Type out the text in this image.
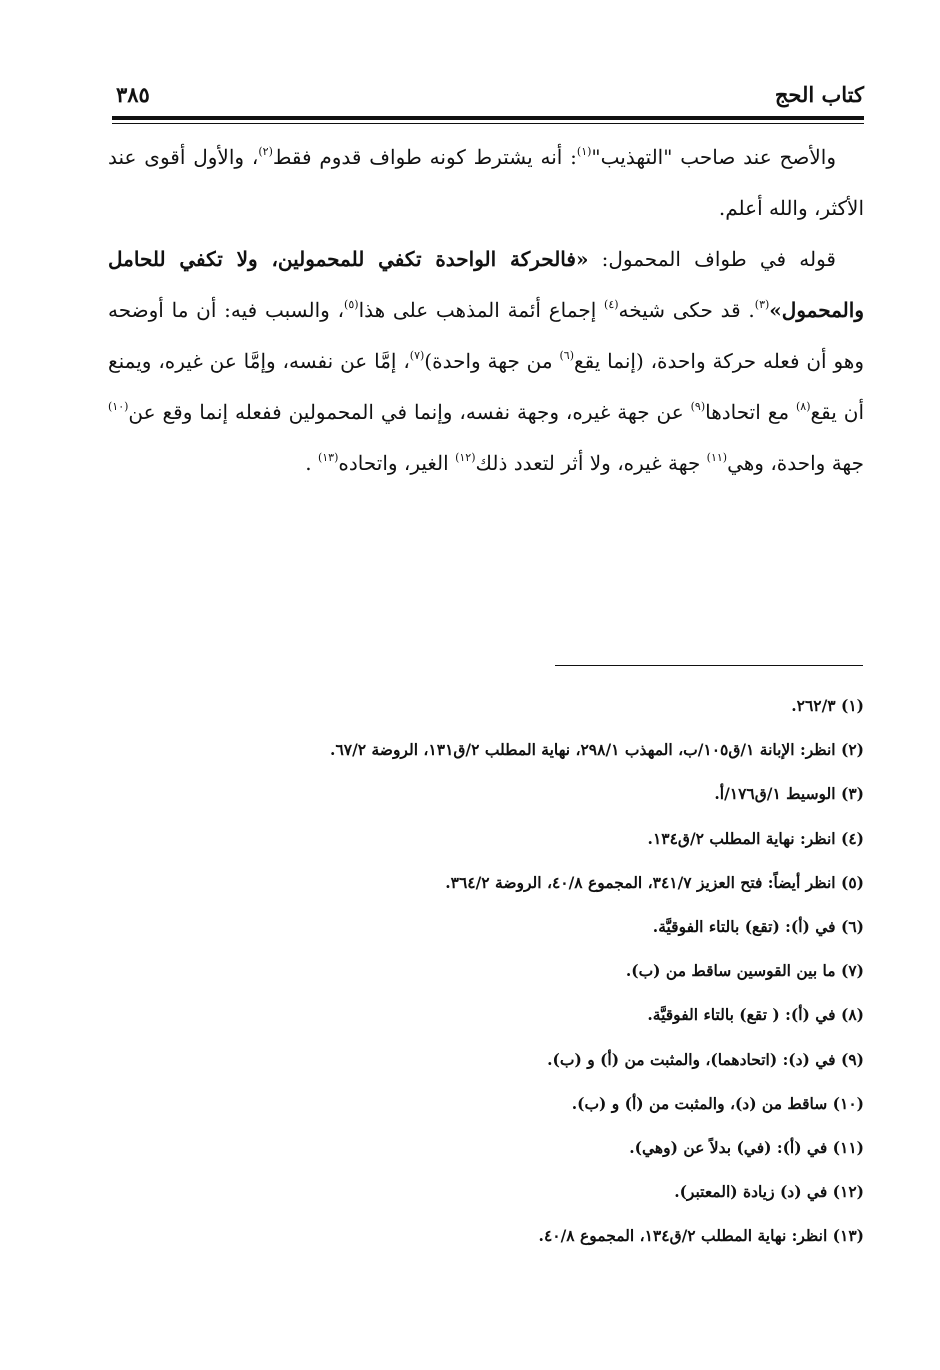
كتاب الحج
٣٨٥

والأصح عند صاحب "التهذيب"$^{(١)}$: أنه يشترط كونه طواف قدوم فقط$^{(٢)}$، والأول أقوى عند الأكثر، والله أعلم.

قوله في طواف المحمول: «فالحركة الواحدة تكفي للمحمولين، ولا تكفي للحامل والمحمول»$^{(٣)}$. قد حكى شيخه$^{(٤)}$ إجماع أئمة المذهب على هذا$^{(٥)}$، والسبب فيه: أن ما أوضحه وهو أن فعله حركة واحدة، (إنما يقع$^{(٦)}$ من جهة واحدة)$^{(٧)}$، إمَّا عن نفسه، وإمَّا عن غيره، ويمنع أن يقع$^{(٨)}$ مع اتحادها$^{(٩)}$ عن جهة غيره، وجهة نفسه، وإنما في المحمولين ففعله إنما وقع عن$^{(١٠)}$ جهة واحدة، وهي$^{(١١)}$ جهة غيره، ولا أثر لتعدد ذلك$^{(١٢)}$ الغير، واتحاده$^{(١٣)}$ .

(١) ٢٦٢/٣.
(٢) انظر: الإبانة ١/ق١٠٥/ب، المهذب ٢٩٨/١، نهاية المطلب ٢/ق١٣١، الروضة ٦٧/٢.
(٣) الوسيط ١/ق١٧٦/أ.
(٤) انظر: نهاية المطلب ٢/ق١٣٤.
(٥) انظر أيضاً: فتح العزيز ٣٤١/٧، المجموع ٤٠/٨، الروضة ٣٦٤/٢.
(٦) في (أ): (تقع) بالتاء الفوقيَّة.
(٧) ما بين القوسين ساقط من (ب).
(٨) في (أ): ( تقع) بالتاء الفوقيَّة.
(٩) في (د): (اتحادهما)، والمثبت من (أ) و (ب).
(١٠) ساقط من (د)، والمثبت من (أ) و (ب).
(١١) في (أ): (في) بدلاً عن (وهي).
(١٢) في (د) زيادة (المعتبر).
(١٣) انظر: نهاية المطلب ٢/ق١٣٤، المجموع ٤٠/٨.
